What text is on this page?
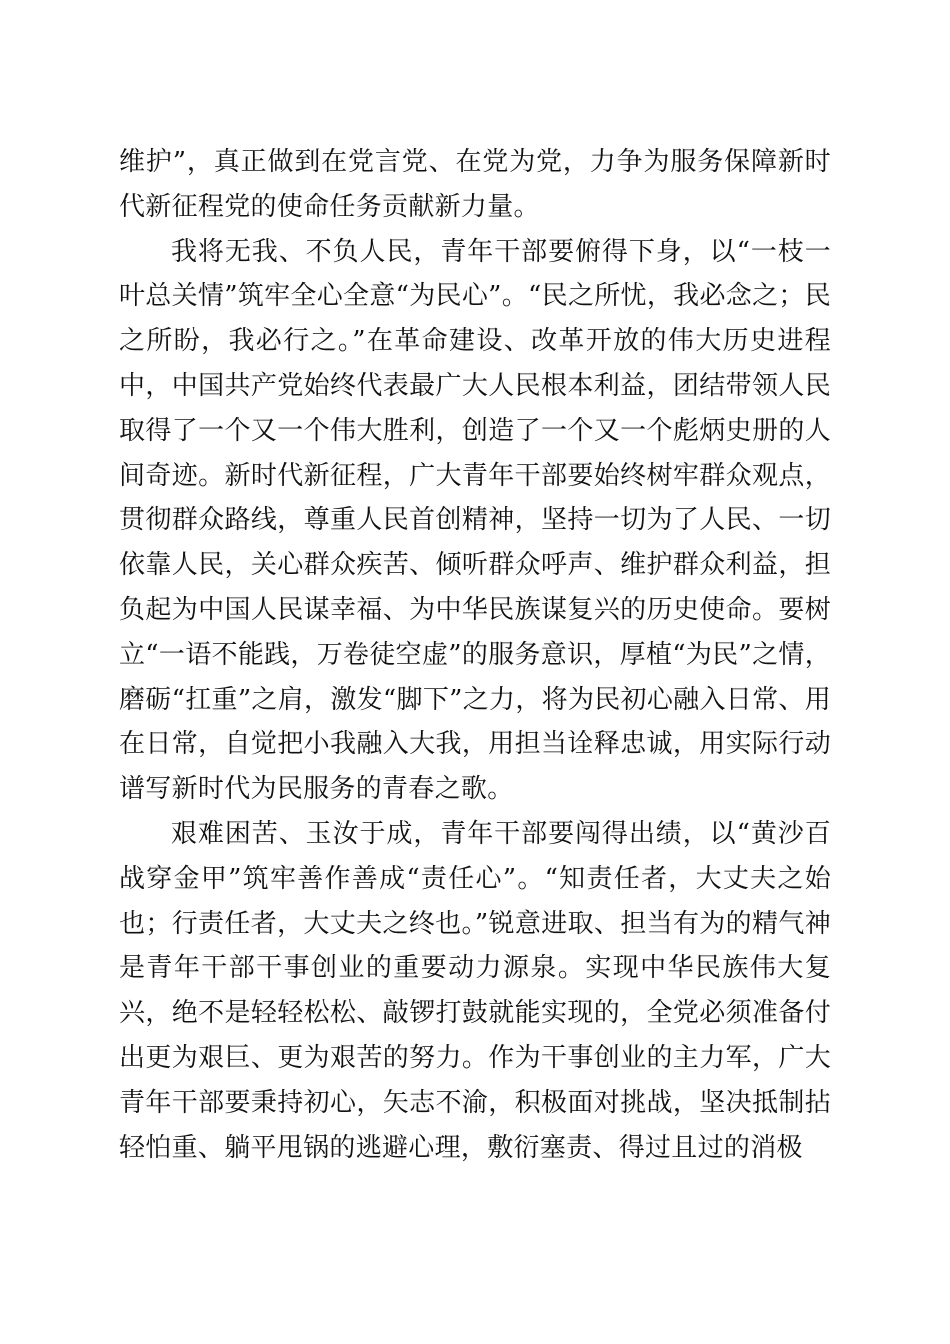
维护”，真正做到在党言党、在党为党，力争为服务保障新时代新征程党的使命任务贡献新力量。

我将无我、不负人民，青年干部要俯得下身，以“一枝一叶总关情”筑牢全心全意“为民心”。“民之所忧，我必念之；民之所盼，我必行之。”在革命建设、改革开放的伟大历史进程中，中国共产党始终代表最广大人民根本利益，团结带领人民取得了一个又一个伟大胜利，创造了一个又一个彪炳史册的人间奇迹。新时代新征程，广大青年干部要始终树牢群众观点，贯彻群众路线，尊重人民首创精神，坚持一切为了人民、一切依靠人民，关心群众疾苦、倾听群众呼声、维护群众利益，担负起为中国人民谋幸福、为中华民族谋复兴的历史使命。要树立“一语不能践，万卷徒空虚”的服务意识，厚植“为民”之情，磨砺“扛重”之肩，激发“脚下”之力，将为民初心融入日常、用在日常，自觉把小我融入大我，用担当诠释忠诚，用实际行动谱写新时代为民服务的青春之歌。

艰难困苦、玉汝于成，青年干部要闯得出绩，以“黄沙百战穿金甲”筑牢善作善成“责任心”。“知责任者，大丈夫之始也；行责任者，大丈夫之终也。”锐意进取、担当有为的精气神是青年干部干事创业的重要动力源泉。实现中华民族伟大复兴，绝不是轻轻松松、敲锣打鼓就能实现的，全党必须准备付出更为艰巨、更为艰苦的努力。作为干事创业的主力军，广大青年干部要秉持初心，矢志不渝，积极面对挑战，坚决抵制拈轻怕重、躺平甩锅的逃避心理，敷衍塞责、得过且过的消极
